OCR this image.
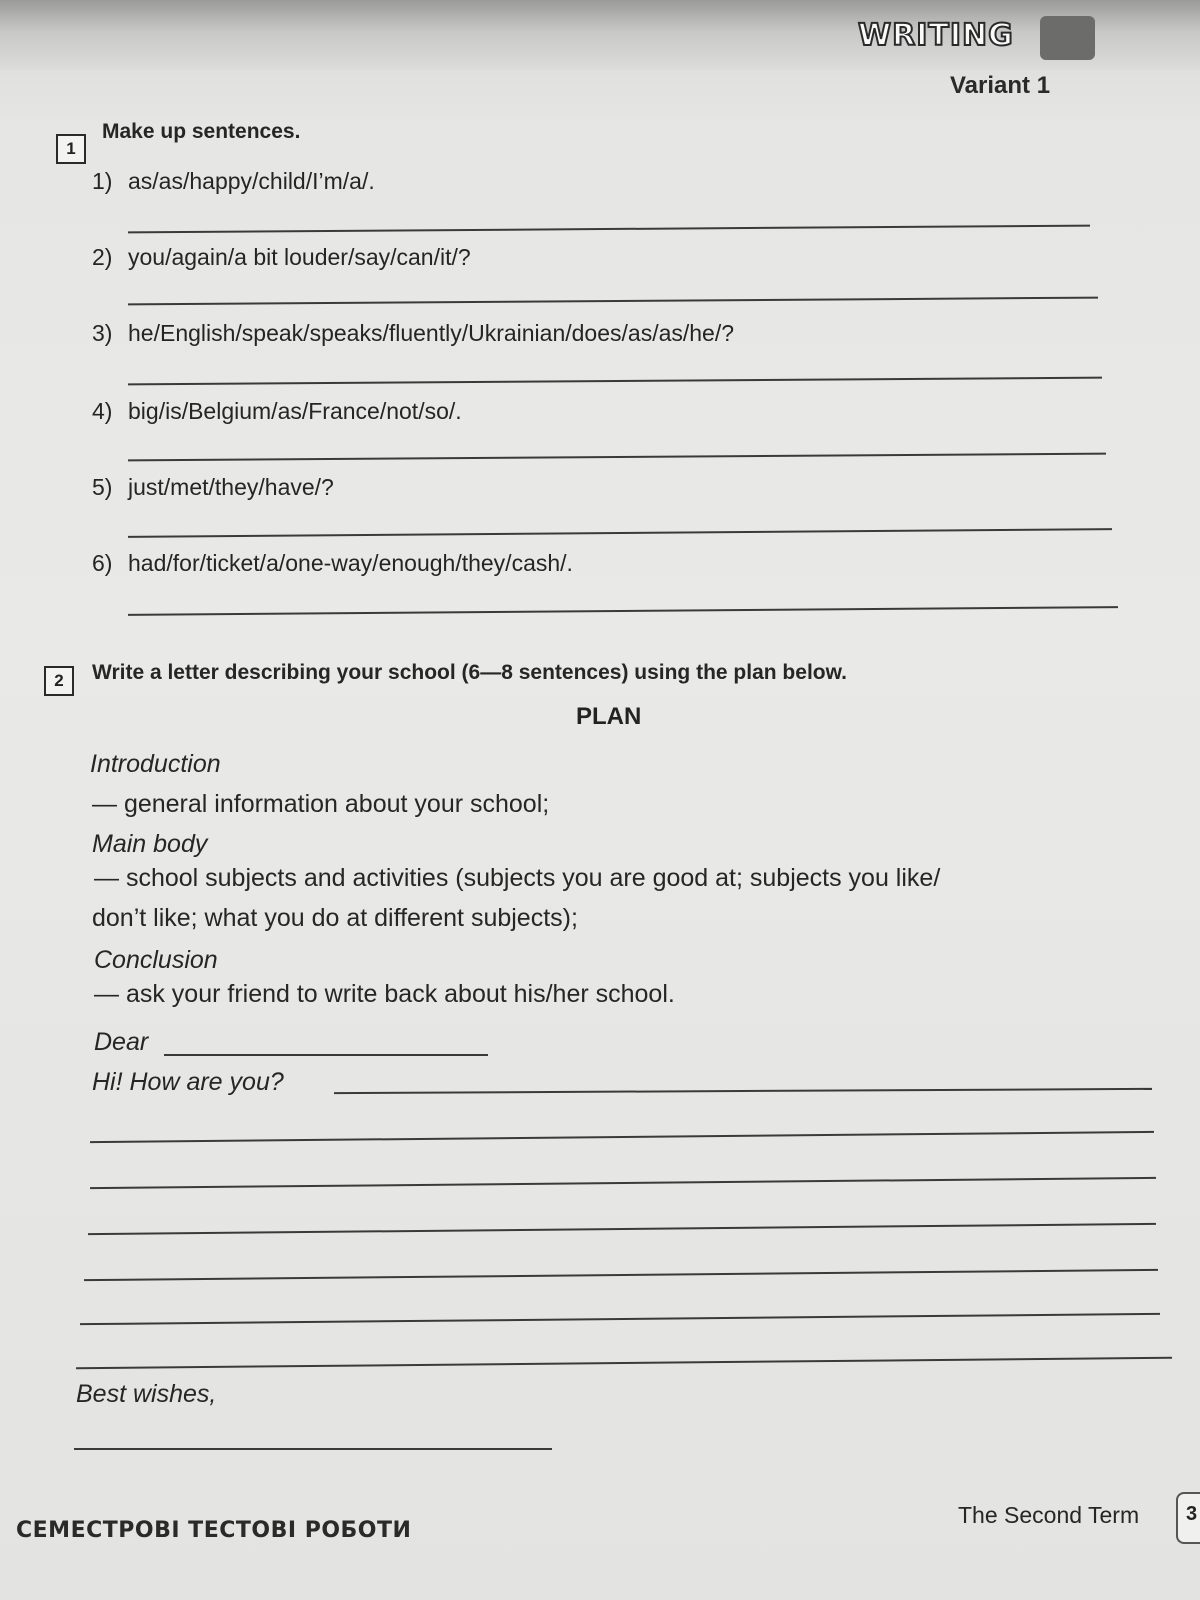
WRITING
Variant 1
1
Make up sentences.
1) as/as/happy/child/I’m/a/.
2) you/again/a bit louder/say/can/it/?
3) he/English/speak/speaks/fluently/Ukrainian/does/as/as/he/?
4) big/is/Belgium/as/France/not/so/.
5) just/met/they/have/?
6) had/for/ticket/a/one-way/enough/they/cash/.
2	Write a letter describing your school (6—8 sentences) using the plan below.
PLAN
Introduction
— general information about your school;
Main body
— school subjects and activities (subjects you are good at; subjects you like/
don’t like; what you do at different subjects);
Conclusion
— ask your friend to write back about his/her school.
Dear
Hi! How are you?
Best wishes,
СЕМЕСТРОВІ ТЕСТОВІ РОБОТИ
The Second Term 3
